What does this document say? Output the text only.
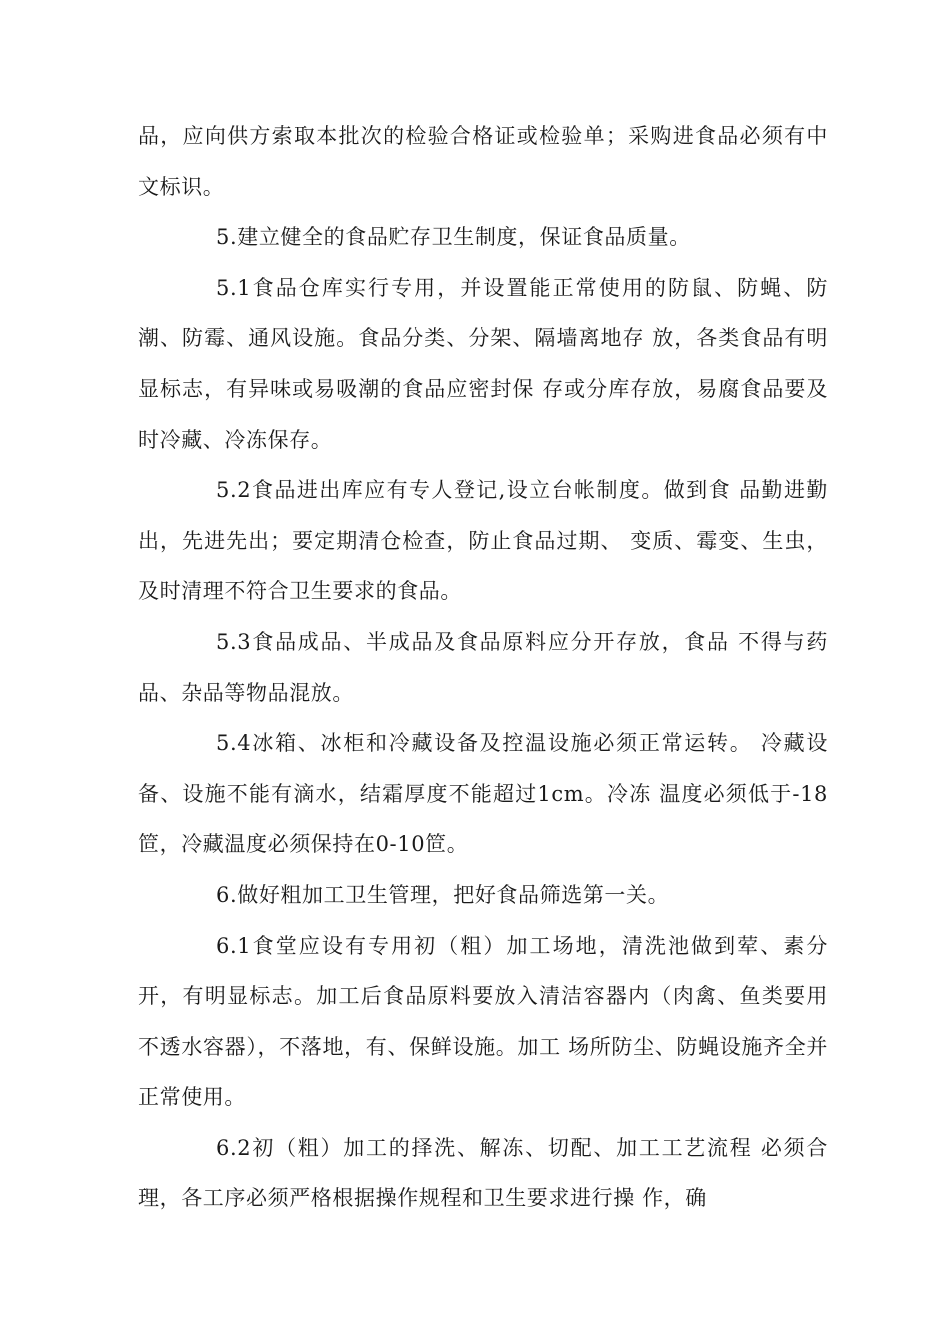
品，应向供方索取本批次的检验合格证或检验单；采购进食品必须有中文标识。

5.建立健全的食品贮存卫生制度，保证食品质量。

5.1食品仓库实行专用，并设置能正常使用的防鼠、防蝇、防潮、防霉、通风设施。食品分类、分架、隔墙离地存 放，各类食品有明显标志，有异味或易吸潮的食品应密封保 存或分库存放，易腐食品要及时冷藏、冷冻保存。

5.2食品进出库应有专人登记,设立台帐制度。做到食 品勤进勤出，先进先出；要定期清仓检查，防止食品过期、 变质、霉变、生虫，及时清理不符合卫生要求的食品。

5.3食品成品、半成品及食品原料应分开存放，食品 不得与药品、杂品等物品混放。

5.4冰箱、冰柜和冷藏设备及控温设施必须正常运转。 冷藏设备、设施不能有滴水，结霜厚度不能超过1cm。冷冻 温度必须低于-18笸，冷藏温度必须保持在0-10笸。

6.做好粗加工卫生管理，把好食品筛选第一关。

6.1食堂应设有专用初（粗）加工场地，清洗池做到荤、素分开，有明显标志。加工后食品原料要放入清洁容器内（肉禽、鱼类要用不透水容器），不落地，有、保鲜设施。加工 场所防尘、防蝇设施齐全并正常使用。

6.2初（粗）加工的择洗、解冻、切配、加工工艺流程 必须合理，各工序必须严格根据操作规程和卫生要求进行操 作，确
